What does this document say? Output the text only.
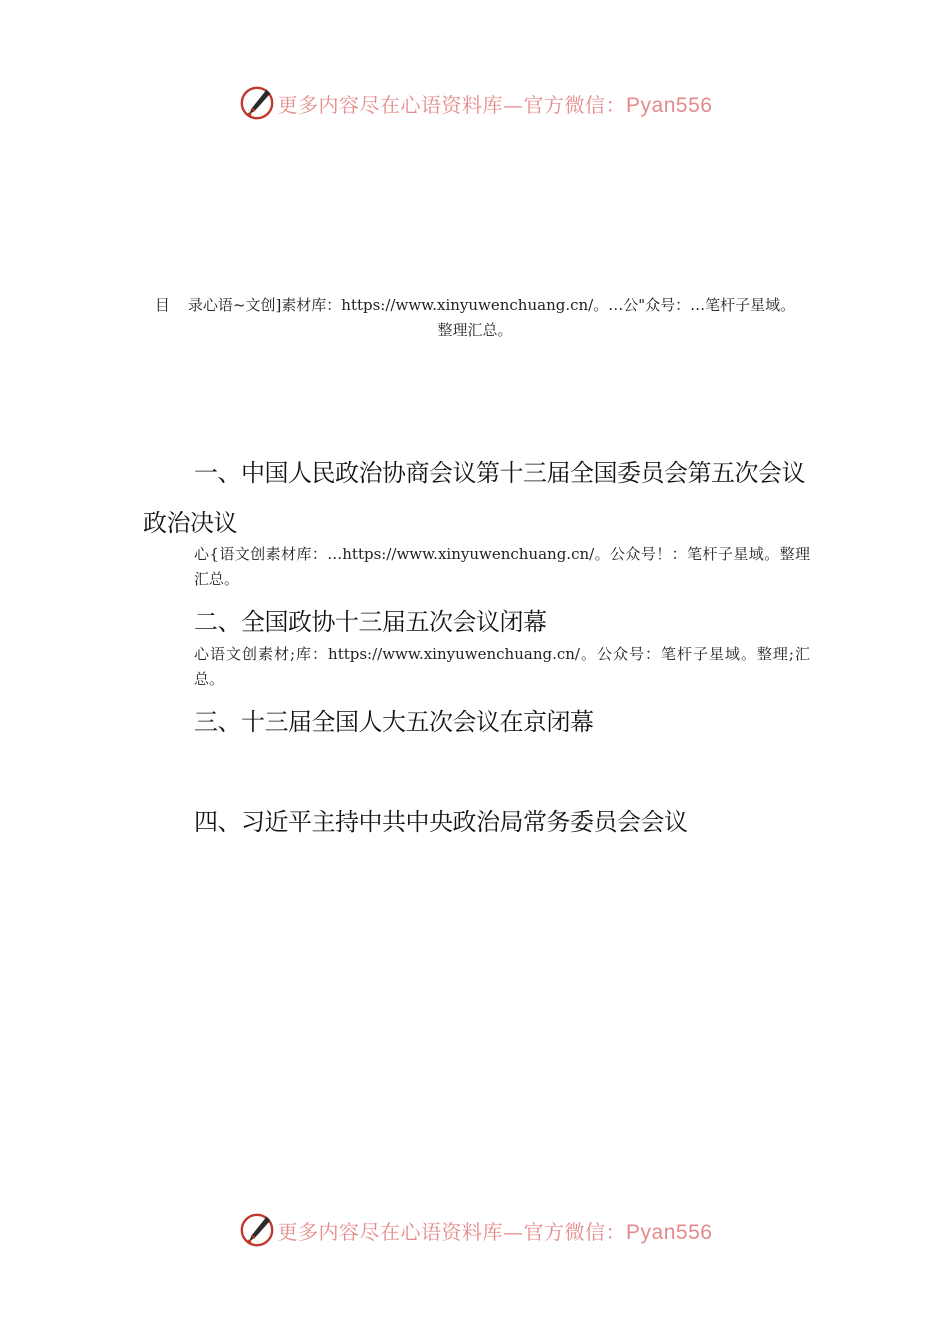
更多内容尽在心语资料库—官方微信：Pyan556
目 录心语~文创]素材库：https://www.xinyuwenchuang.cn/。…公"众号：…笔杆子星域。
整理汇总。
一、中国人民政治协商会议第十三届全国委员会第五次会议
政治决议
心{语文创素材库：…https://www.xinyuwenchuang.cn/。公众号！：笔杆子星域。整理汇总。
二、全国政协十三届五次会议闭幕
心语文创素材;库：https://www.xinyuwenchuang.cn/。公众号：笔杆子星域。整理;汇总。
三、十三届全国人大五次会议在京闭幕
四、习近平主持中共中央政治局常务委员会会议
更多内容尽在心语资料库—官方微信：Pyan556
